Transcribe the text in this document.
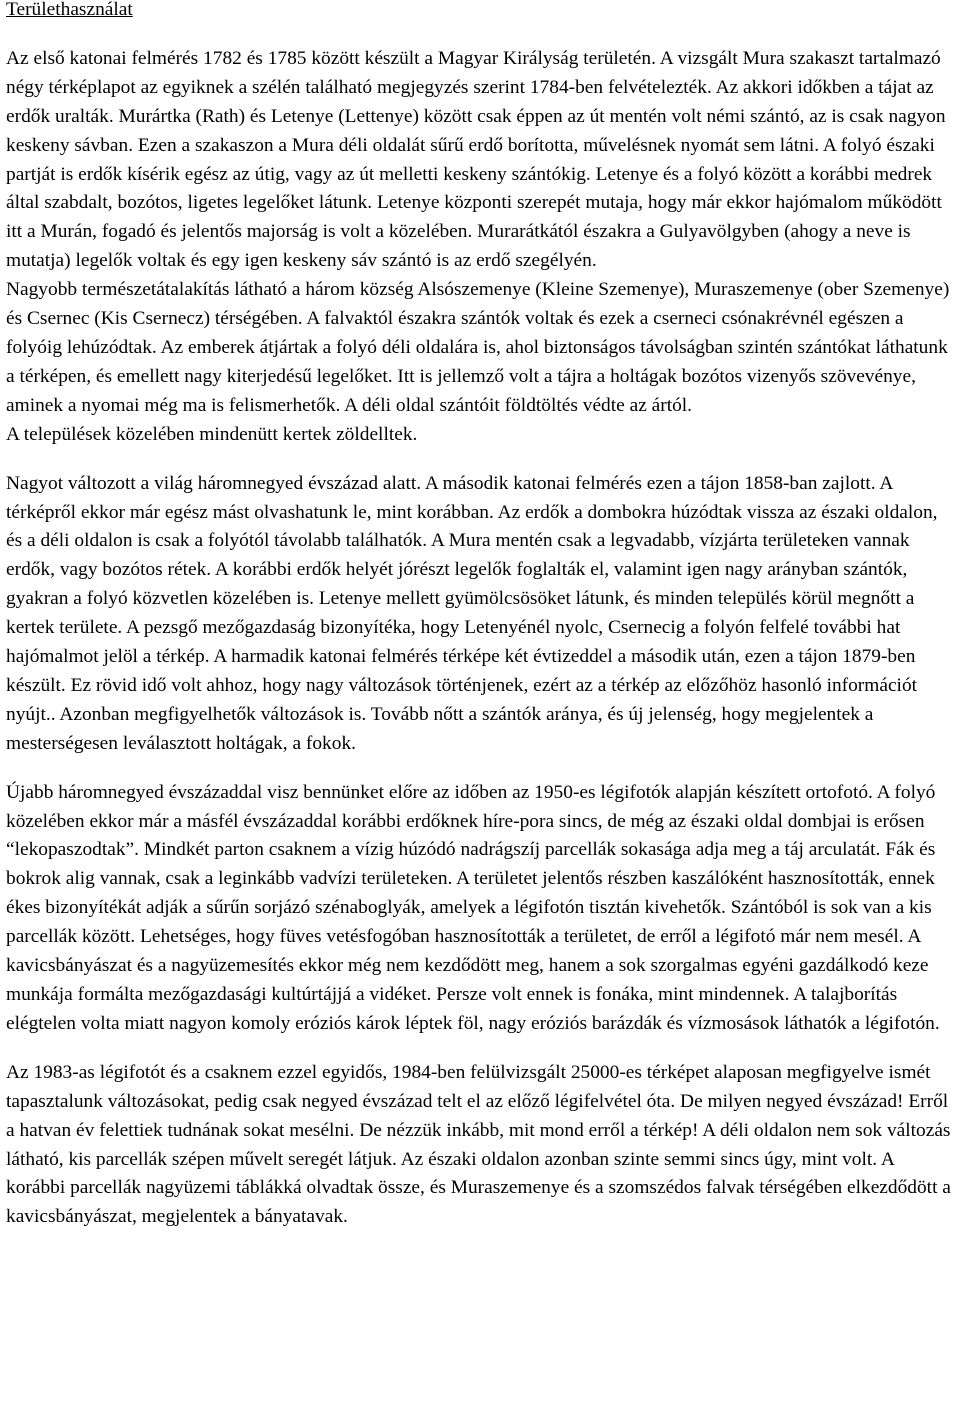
Területhasználat

Az első katonai felmérés 1782 és 1785 között készült a Magyar Királyság területén. A vizsgált Mura szakaszt tartalmazó négy térképlapot az egyiknek a szélén található megjegyzés szerint 1784-ben felvételezték. Az akkori időkben a tájat az erdők uralták. Murártka (Rath) és Letenye (Lettenye) között csak éppen az út mentén volt némi szántó, az is csak nagyon keskeny sávban. Ezen a szakaszon a Mura déli oldalát sűrű erdő borította, művelésnek nyomát sem látni. A folyó északi partját is erdők kísérik egész az útig, vagy az út melletti keskeny szántókig. Letenye és a folyó között a korábbi medrek által szabdalt, bozótos, ligetes legelőket látunk. Letenye központi szerepét mutaja, hogy már ekkor hajómalom működött itt a Murán, fogadó és jelentős majorság is volt a közelében. Murarátkától északra a Gulyavölgyben (ahogy a neve is mutatja) legelők voltak és egy igen keskeny sáv szántó is az erdő szegélyén.

Nagyobb természetátalakítás látható a három község Alsószemenye (Kleine Szemenye), Muraszemenye (ober Szemenye) és Csernec (Kis Csernecz) térségében. A falvaktól északra szántók voltak és ezek a cserneci csónakrévnél egészen a folyóig lehúzódtak. Az emberek átjártak a folyó déli oldalára is, ahol biztonságos távolságban szintén szántókat láthatunk a térképen, és emellett nagy kiterjedésű legelőket. Itt is jellemző volt a tájra a holtágak bozótos vizenyős szövevénye, aminek a nyomai még ma is felismerhetők. A déli oldal szántóit földtöltés védte az ártól.

A települések közelében mindenütt kertek zöldelltek.

Nagyot változott a világ háromnegyed évszázad alatt. A második katonai felmérés ezen a tájon 1858-ban zajlott. A térképről ekkor már egész mást olvashatunk le, mint korábban. Az erdők a dombokra húzódtak vissza az északi oldalon, és a déli oldalon is csak a folyótól távolabb találhatók. A Mura mentén csak a legvadabb, vízjárta területeken vannak erdők, vagy bozótos rétek. A korábbi erdők helyét jórészt legelők foglalták el, valamint igen nagy arányban szántók, gyakran a folyó közvetlen közelében is. Letenye mellett gyümölcsösöket látunk, és minden település körül megnőtt a kertek területe. A pezsgő mezőgazdaság bizonyítéka, hogy Letenyénél nyolc, Csernecig a folyón felfelé további hat hajómalmot jelöl a térkép. A harmadik katonai felmérés térképe két évtizeddel a második után, ezen a tájon 1879-ben készült. Ez rövid idő volt ahhoz, hogy nagy változások történjenek, ezért az a térkép az előzőhöz hasonló információt nyújt.. Azonban megfigyelhetők változások is. Tovább nőtt a szántók aránya, és új jelenség, hogy megjelentek a mesterségesen leválasztott holtágak, a fokok.

Újabb háromnegyed évszázaddal visz bennünket előre az időben az 1950-es légifotók alapján készített ortofotó. A folyó közelében ekkor már a másfél évszázaddal korábbi erdőknek híre-pora sincs, de még az északi oldal dombjai is erősen “lekopaszodtak”. Mindkét parton csaknem a vízig húzódó nadrágszíj parcellák sokasága adja meg a táj arculatát. Fák és bokrok alig vannak, csak a leginkább vadvízi területeken. A területet jelentős részben kaszálóként hasznosították, ennek ékes bizonyítékát adják a sűrűn sorjázó szénaboglyák, amelyek a légifotón tisztán kivehetők. Szántóból is sok van a kis parcellák között. Lehetséges, hogy füves vetésfogóban hasznosították a területet, de erről a légifotó már nem mesél. A kavicsbányászat és a nagyüzemesítés ekkor még nem kezdődött meg, hanem a sok szorgalmas egyéni gazdálkodó keze munkája formálta mezőgazdasági kultúrtájjá a vidéket. Persze volt ennek is fonáka, mint mindennek. A talajborítás elégtelen volta miatt nagyon komoly eróziós károk léptek föl, nagy eróziós barázdák és vízmosások láthatók a légifotón.

Az 1983-as légifotót és a csaknem ezzel egyidős, 1984-ben felülvizsgált 25000-es térképet alaposan megfigyelve ismét tapasztalunk változásokat, pedig csak negyed évszázad telt el az előző légifelvétel óta. De milyen negyed évszázad! Erről a hatvan év felettiek tudnának sokat mesélni. De nézzük inkább, mit mond erről a térkép! A déli oldalon nem sok változás látható, kis parcellák szépen művelt seregét látjuk. Az északi oldalon azonban szinte semmi sincs úgy, mint volt. A korábbi parcellák nagyüzemi táblákká olvadtak össze, és Muraszemenye és a szomszédos falvak térségében elkezdődött a kavicsbányászat, megjelentek a bányatavak.
